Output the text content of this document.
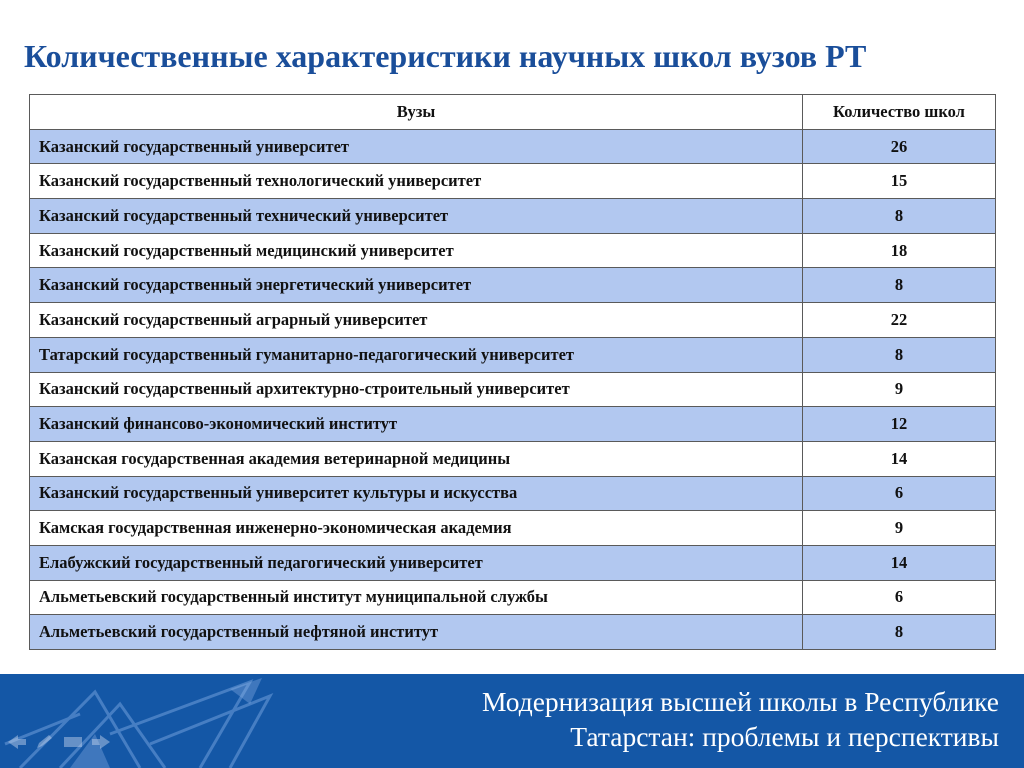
Количественные характеристики научных школ вузов РТ
Вузы	Количество школ
Казанский государственный университет	26
Казанский государственный технологический университет	15
Казанский государственный технический университет	8
Казанский государственный медицинский университет	18
Казанский государственный энергетический университет	8
Казанский государственный аграрный университет	22
Татарский государственный гуманитарно-педагогический университет	8
Казанский государственный архитектурно-строительный университет	9
Казанский финансово-экономический институт	12
Казанская государственная академия ветеринарной медицины	14
Казанский государственный университет культуры и искусства	6
Камская государственная инженерно-экономическая академия	9
Елабужский государственный педагогический университет	14
Альметьевский государственный институт муниципальной службы	6
Альметьевский государственный нефтяной институт	8
Модернизация высшей школы в Республике
Татарстан: проблемы и перспективы
